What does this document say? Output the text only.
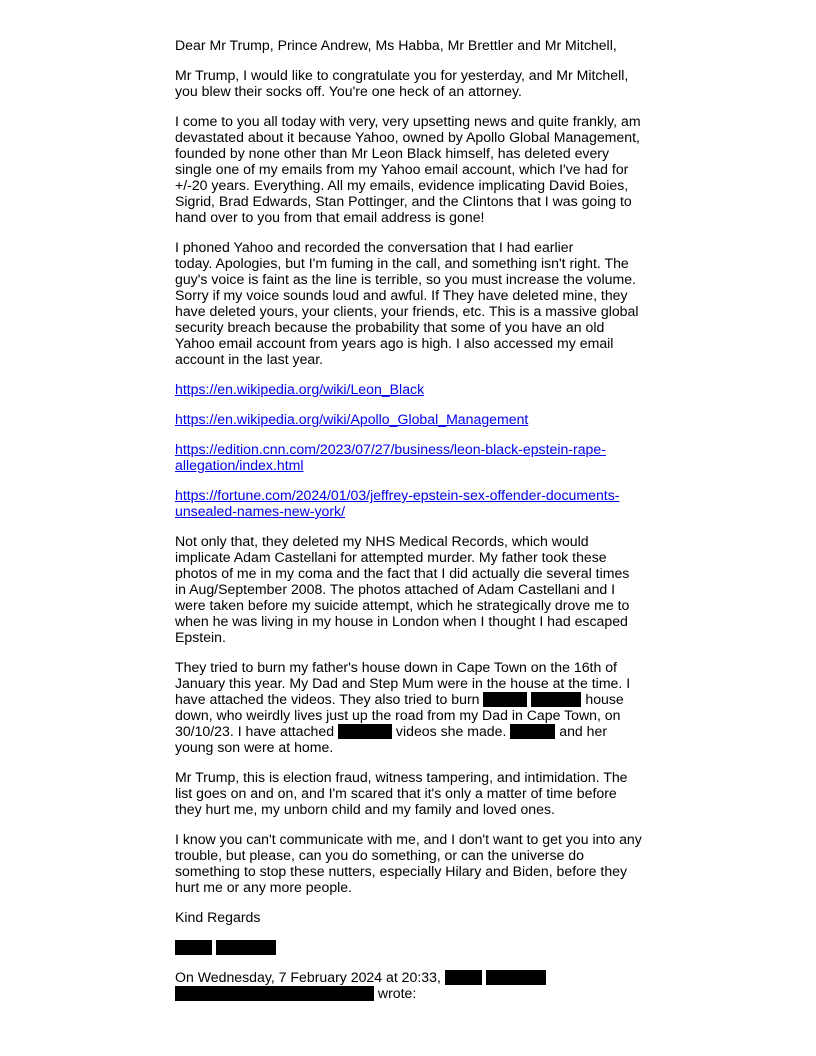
Dear Mr Trump, Prince Andrew, Ms Habba, Mr Brettler and Mr Mitchell,
Mr Trump, I would like to congratulate you for yesterday, and Mr Mitchell,
you blew their socks off. You're one heck of an attorney.
I come to you all today with very, very upsetting news and quite frankly, am
devastated about it because Yahoo, owned by Apollo Global Management,
founded by none other than Mr Leon Black himself, has deleted every
single one of my emails from my Yahoo email account, which I've had for
+/-20 years. Everything. All my emails, evidence implicating David Boies,
Sigrid, Brad Edwards, Stan Pottinger, and the Clintons that I was going to
hand over to you from that email address is gone!
I phoned Yahoo and recorded the conversation that I had earlier
today. Apologies, but I'm fuming in the call, and something isn't right. The
guy's voice is faint as the line is terrible, so you must increase the volume.
Sorry if my voice sounds loud and awful. If They have deleted mine, they
have deleted yours, your clients, your friends, etc. This is a massive global
security breach because the probability that some of you have an old
Yahoo email account from years ago is high. I also accessed my email
account in the last year.
https://en.wikipedia.org/wiki/Leon_Black
https://en.wikipedia.org/wiki/Apollo_Global_Management
https://edition.cnn.com/2023/07/27/business/leon-black-epstein-rape-
allegation/index.html
https://fortune.com/2024/01/03/jeffrey-epstein-sex-offender-documents-
unsealed-names-new-york/
Not only that, they deleted my NHS Medical Records, which would
implicate Adam Castellani for attempted murder. My father took these
photos of me in my coma and the fact that I did actually die several times
in Aug/September 2008. The photos attached of Adam Castellani and I
were taken before my suicide attempt, which he strategically drove me to
when he was living in my house in London when I thought I had escaped
Epstein.
They tried to burn my father's house down in Cape Town on the 16th of
January this year. My Dad and Step Mum were in the house at the time. I
have attached the videos. They also tried to burn	house
down, who weirdly lives just up the road from my Dad in Cape Town, on
30/10/23. I have attached	videos she made.	and her
young son were at home.
Mr Trump, this is election fraud, witness tampering, and intimidation. The
list goes on and on, and I'm scared that it's only a matter of time before
they hurt me, my unborn child and my family and loved ones.
I know you can't communicate with me, and I don't want to get you into any
trouble, but please, can you do something, or can the universe do
something to stop these nutters, especially Hilary and Biden, before they
hurt me or any more people.
Kind Regards
On Wednesday, 7 February 2024 at 20:33,
wrote:
